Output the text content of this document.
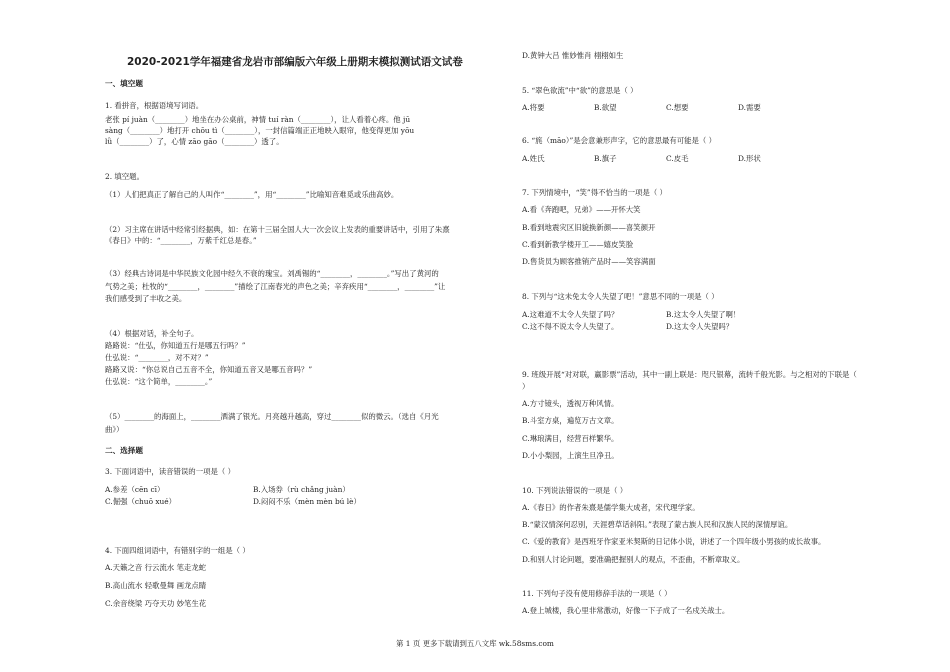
2020-2021学年福建省龙岩市部编版六年级上册期末模拟测试语文试卷
一、填空题
1. 看拼音，根据语境写词语。
老张 pí juàn（________）地坐在办公桌前，神情 tuí ràn（________），让人看着心疼。他 jū
sàng（________）地打开 chōu tì（________），一封信篇端正正地映入眼帘，他变得更加 yōu
lǜ（________）了，心情 zāo gāo（________）透了。
2. 填空题。
（1）人们把真正了解自己的人叫作“________”，用“________”比喻知音难觅或乐曲高妙。
（2）习主席在讲话中经常引经据典，如：在第十三届全国人大一次会议上发表的重要讲话中，引用了朱熹
《春日》中的：“________，万紫千红总是春。”
（3）经典古诗词是中华民族文化园中经久不衰的瑰宝。刘禹锡的“________，________。”写出了黄河的
气势之美；杜牧的“________，________”描绘了江南春光的声色之美；辛弃疾用“________，________”让
我们感受到了丰收之美。
（4）根据对话，补全句子。
路路说：“仕弘，你知道五行是哪五行吗？”
仕弘说：“________，对不对？”
路路又说：“你总说自己五音不全，你知道五音又是哪五音吗？”
仕弘说：“这个简单，________。”
（5）________的海面上，________洒满了银光。月亮越升越高，穿过________似的微云。（选自《月光
曲》）
二、选择题
3. 下面词语中，读音错误的一项是（ ）
A.参差（cēn cī）	B.入场券（rù chǎng juàn）
C.倔强（chuō xué）	D.闷闷不乐（mèn mèn bú lè）
4. 下面四组词语中，有错别字的一组是（ ）
A.天籁之音 行云流水 笔走龙蛇
B.高山流水 轻歌曼舞 画龙点睛
C.余音绕梁 巧夺天功 妙笔生花
D.黄钟大吕 惟妙惟肖 栩栩如生
5. “翠色欲流”中“欲”的意思是（ ）
A.将要	B.欲望	C.想要	D.需要
6. “旄（māo）”是会意兼形声字，它的意思最有可能是（ ）
A.姓氏	B.旗子	C.皮毛	D.形状
7. 下列情境中，“笑”得不恰当的一项是（ ）
A.看《奔跑吧，兄弟》——开怀大笑
B.看到地震灾区旧貌换新颜——喜笑颜开
C.看到新教学楼开工——嬉皮笑脸
D.售货员为顾客推销产品时——笑容满面
8. 下列与“这未免太令人失望了吧！”意思不同的一项是（ ）
A.这难道不太令人失望了吗？	B.这太令人失望了啊！
C.这不得不说太令人失望了。	D.这太令人失望吗？
9. 班级开展“对对联，赢影票”活动，其中一副上联是：咫尺银幕，流转千般光影。与之相对的下联是（
）
A.方寸镜头，透视万种风情。
B.斗室方桌，遍览万古文章。
C.琳琅满目，经营百样繁华。
D.小小梨园，上演生旦净丑。
10. 下列说法错误的一项是（ ）
A.《春日》的作者朱熹是儒学集大成者，宋代理学家。
B.“蒙汉情深何忍别，天涯碧草话斜阳。”表现了蒙古族人民和汉族人民的深情厚谊。
C.《爱的教育》是西班牙作家亚米契斯的日记体小说，讲述了一个四年级小男孩的成长故事。
D.和别人讨论问题，要准确把握别人的观点，不歪曲，不断章取义。
11. 下列句子没有使用修辞手法的一项是（ ）
A.登上城楼，我心里非常激动，好像一下子成了一名戍关战士。
第 1 页 更多下载请到五八文库 wk.58sms.com
